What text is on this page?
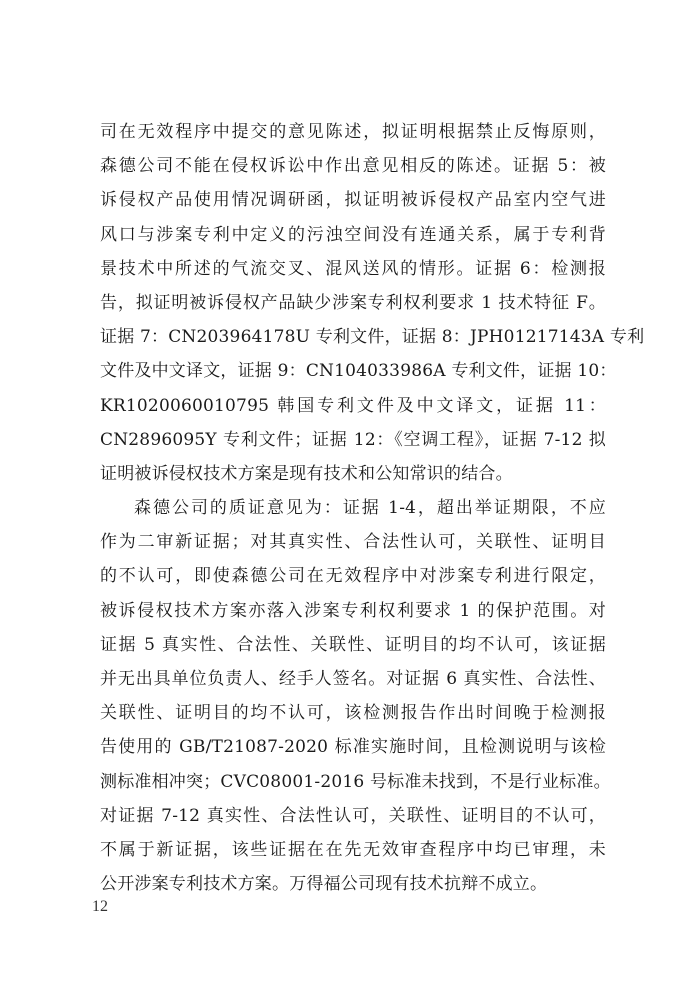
司在无效程序中提交的意见陈述，拟证明根据禁止反悔原则，
森德公司不能在侵权诉讼中作出意见相反的陈述。证据 5：被
诉侵权产品使用情况调研函，拟证明被诉侵权产品室内空气进
风口与涉案专利中定义的污浊空间没有连通关系，属于专利背
景技术中所述的气流交叉、混风送风的情形。证据 6：检测报
告，拟证明被诉侵权产品缺少涉案专利权利要求 1 技术特征 F。
证据 7：CN203964178U 专利文件，证据 8：JPH01217143A 专利
文件及中文译文，证据 9：CN104033986A 专利文件，证据 10：
KR1020060010795 韩国专利文件及中文译文，证据 11：
CN2896095Y 专利文件；证据 12：《空调工程》，证据 7-12 拟
证明被诉侵权技术方案是现有技术和公知常识的结合。
森德公司的质证意见为：证据 1-4，超出举证期限，不应
作为二审新证据；对其真实性、合法性认可，关联性、证明目
的不认可，即使森德公司在无效程序中对涉案专利进行限定，
被诉侵权技术方案亦落入涉案专利权利要求 1 的保护范围。对
证据 5 真实性、合法性、关联性、证明目的均不认可，该证据
并无出具单位负责人、经手人签名。对证据 6 真实性、合法性、
关联性、证明目的均不认可，该检测报告作出时间晚于检测报
告使用的 GB/T21087-2020 标准实施时间，且检测说明与该检
测标准相冲突；CVC08001-2016 号标准未找到，不是行业标准。
对证据 7-12 真实性、合法性认可，关联性、证明目的不认可，
不属于新证据，该些证据在在先无效审查程序中均已审理，未
公开涉案专利技术方案。万得福公司现有技术抗辩不成立。
12
